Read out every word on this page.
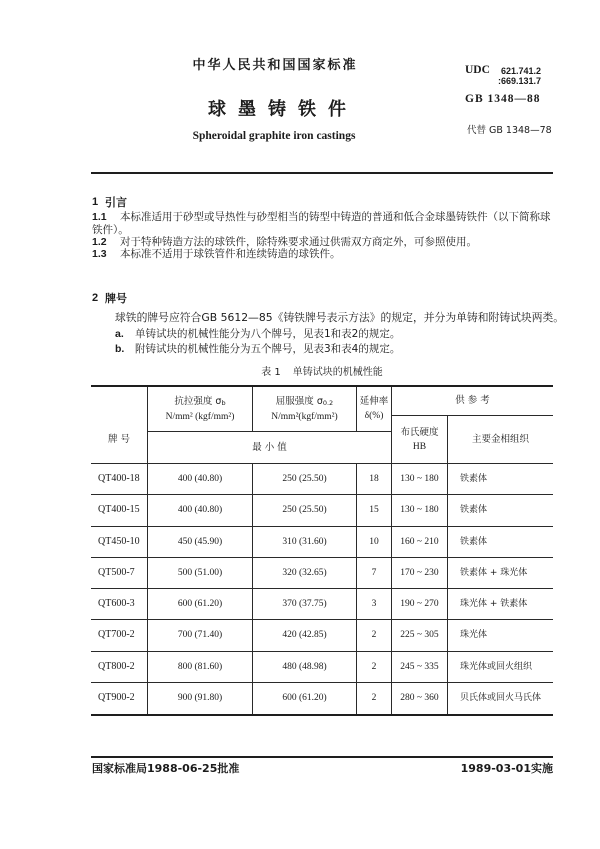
中华人民共和国国家标准
球墨铸铁件
Spheroidal graphite iron castings
UDC	621.741.2
:669.131.7
GB 1348—88
代替 GB 1348—78
1 引言
1.1 本标准适用于砂型或导热性与砂型相当的铸型中铸造的普通和低合金球墨铸铁件（以下简称球
铁件）。
1.2 对于特种铸造方法的球铁件，除特殊要求通过供需双方商定外，可参照使用。
1.3 本标准不适用于球铁管件和连续铸造的球铁件。
2 牌号
球铁的牌号应符合GB 5612—85《铸铁牌号表示方法》的规定，并分为单铸和附铸试块两类。
a. 单铸试块的机械性能分为八个牌号，见表1和表2的规定。
b. 附铸试块的机械性能分为五个牌号，见表3和表4的规定。
表 1 单铸试块的机械性能
牌 号
抗拉强度 $\sigma_b$
N/mm² (kgf/mm²)
屈服强度 $\sigma_{0.2}$
N/mm²(kgf/mm²)
延伸率
δ(%)
供 参 考
布氏硬度
HB
主要金相组织
最 小 值
QT400-18	400 (40.80)	250 (25.50)	18	130 ~ 180	铁素体
QT400-15	400 (40.80)	250 (25.50)	15	130 ~ 180	铁素体
QT450-10	450 (45.90)	310 (31.60)	10	160 ~ 210	铁素体
QT500-7	500 (51.00)	320 (32.65)	7	170 ~ 230	铁素体 + 珠光体
QT600-3	600 (61.20)	370 (37.75)	3	190 ~ 270	珠光体 + 铁素体
QT700-2	700 (71.40)	420 (42.85)	2	225 ~ 305	珠光体
QT800-2	800 (81.60)	480 (48.98)	2	245 ~ 335	珠光体或回火组织
QT900-2	900 (91.80)	600 (61.20)	2	280 ~ 360	贝氏体或回火马氏体
国家标准局1988-06-25批准	1989-03-01实施
